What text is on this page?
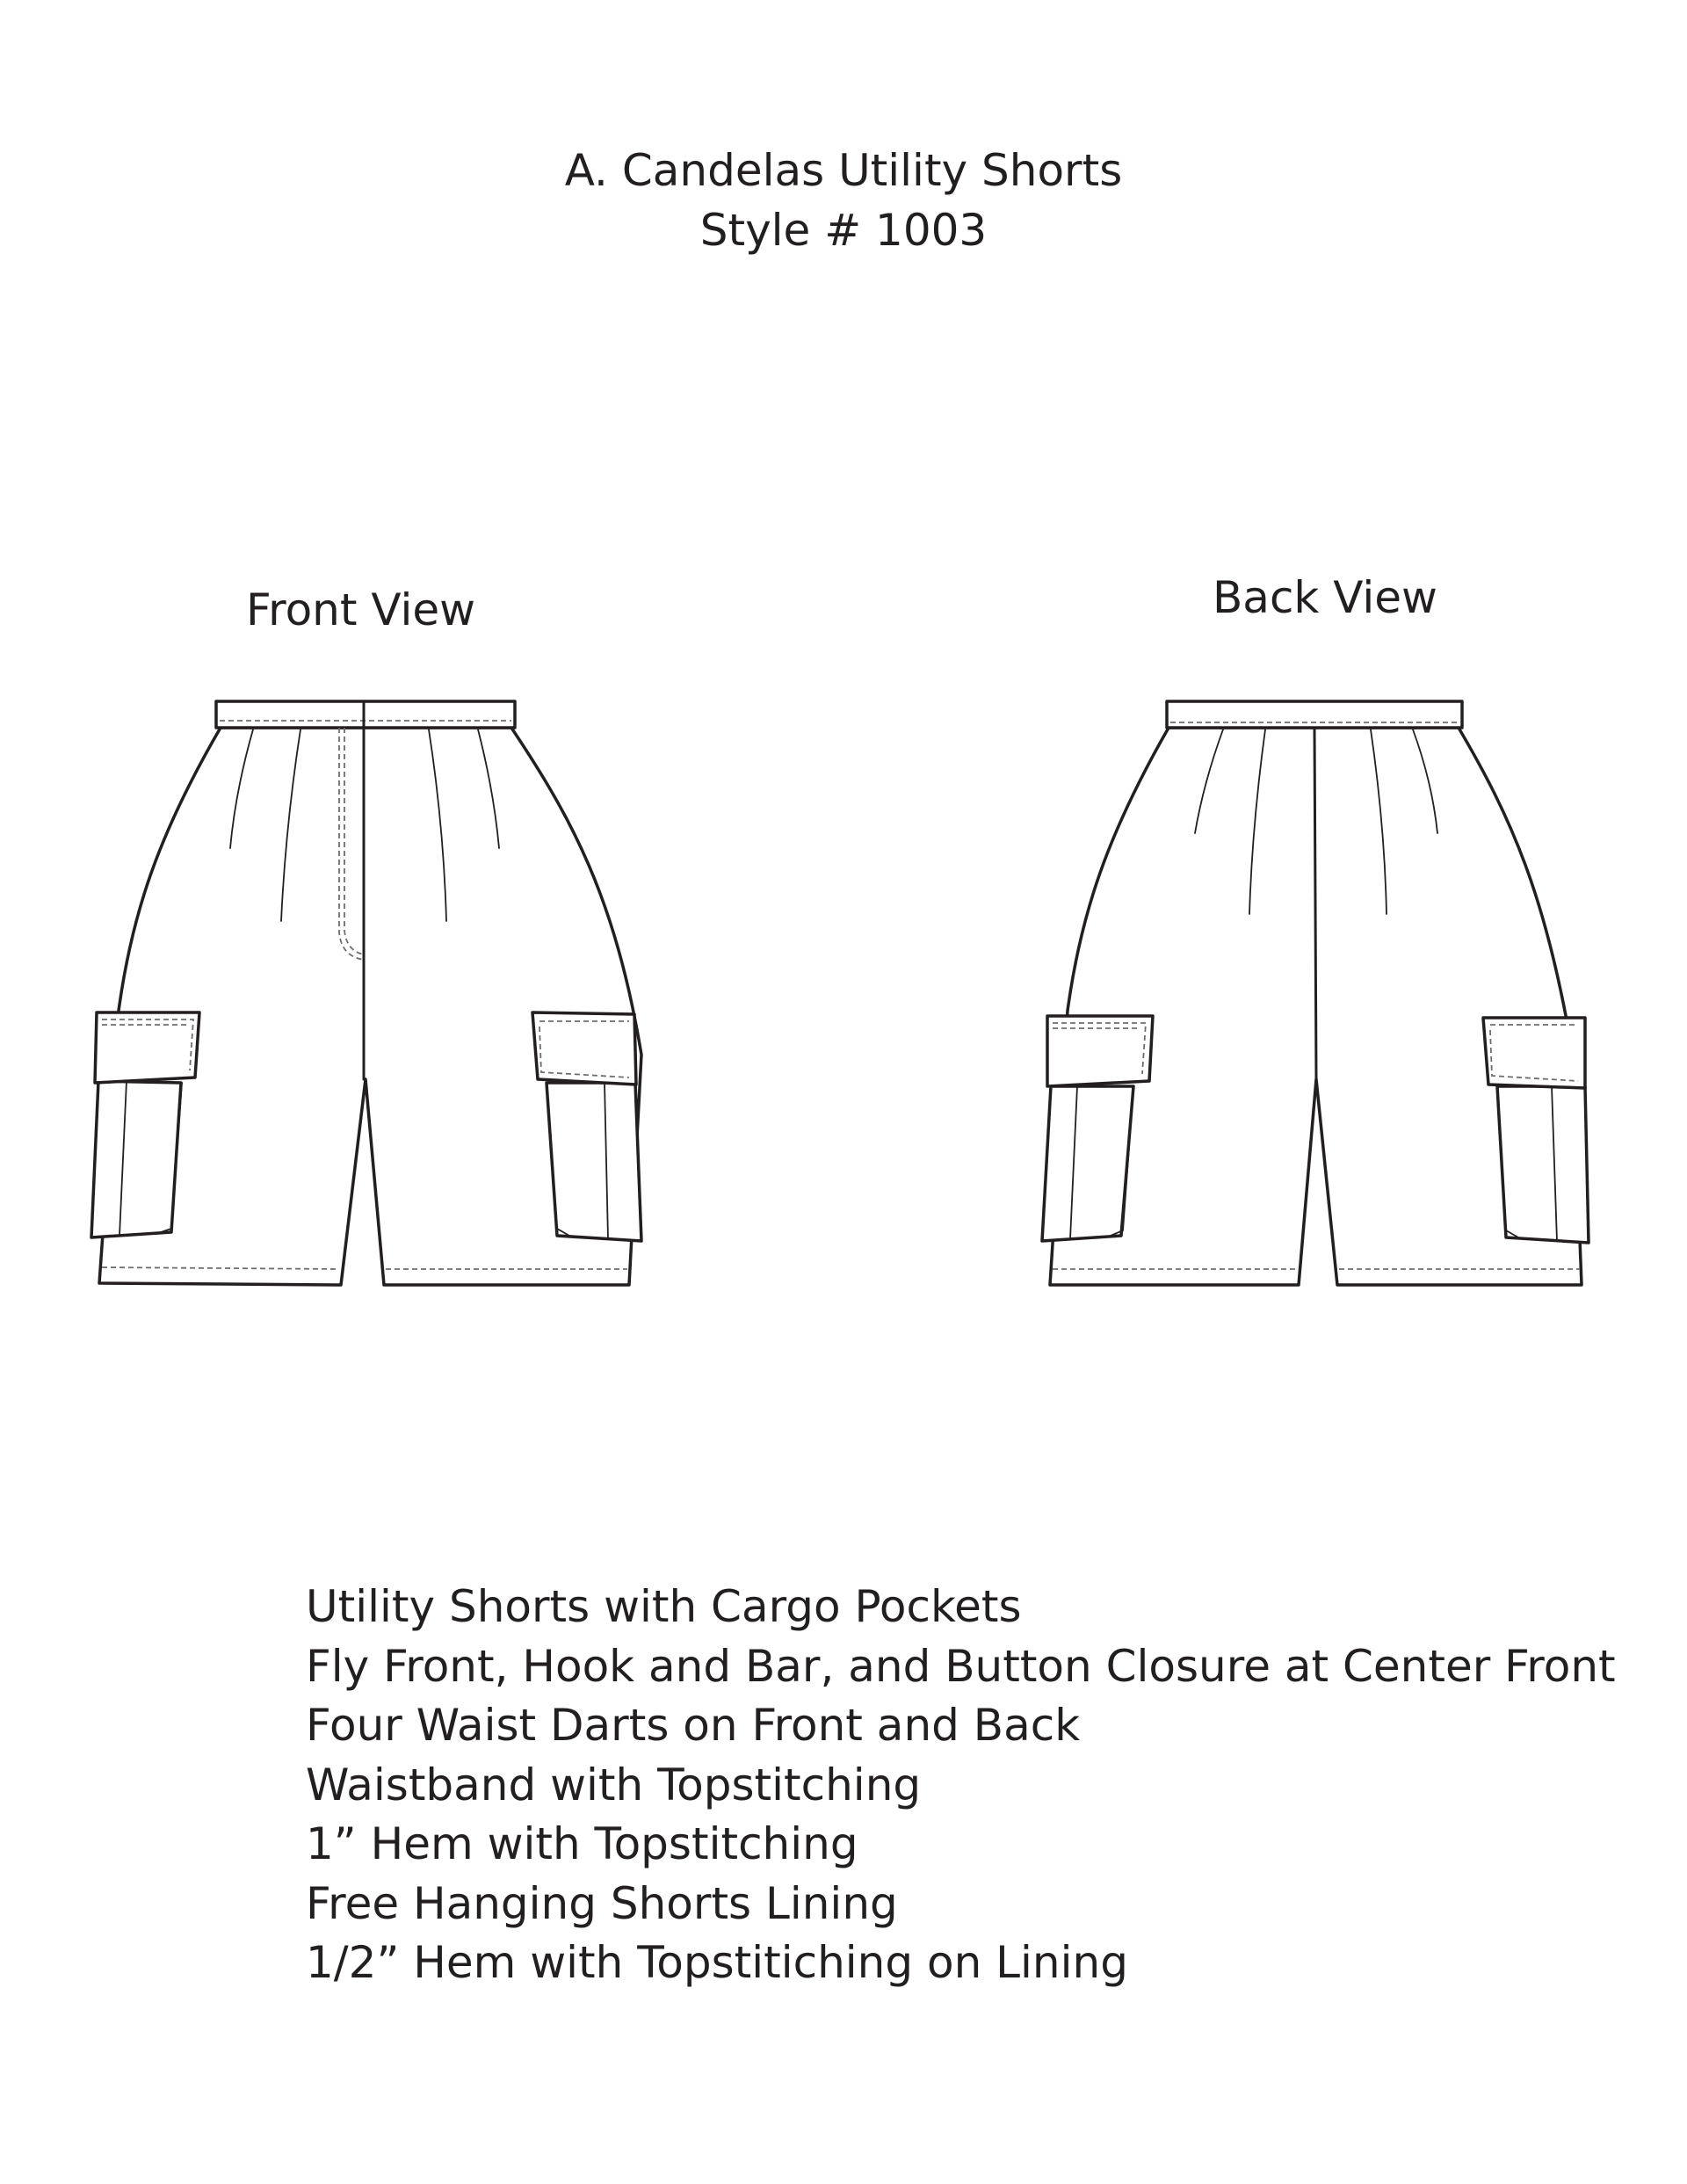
A. Candelas Utility Shorts
Style # 1003
Front View	Back View
Utility Shorts with Cargo Pockets
Fly Front, Hook and Bar, and Button Closure at Center Front
Four Waist Darts on Front and Back
Waistband with Topstitching
1” Hem with Topstitching
Free Hanging Shorts Lining
1/2” Hem with Topstitiching on Lining
